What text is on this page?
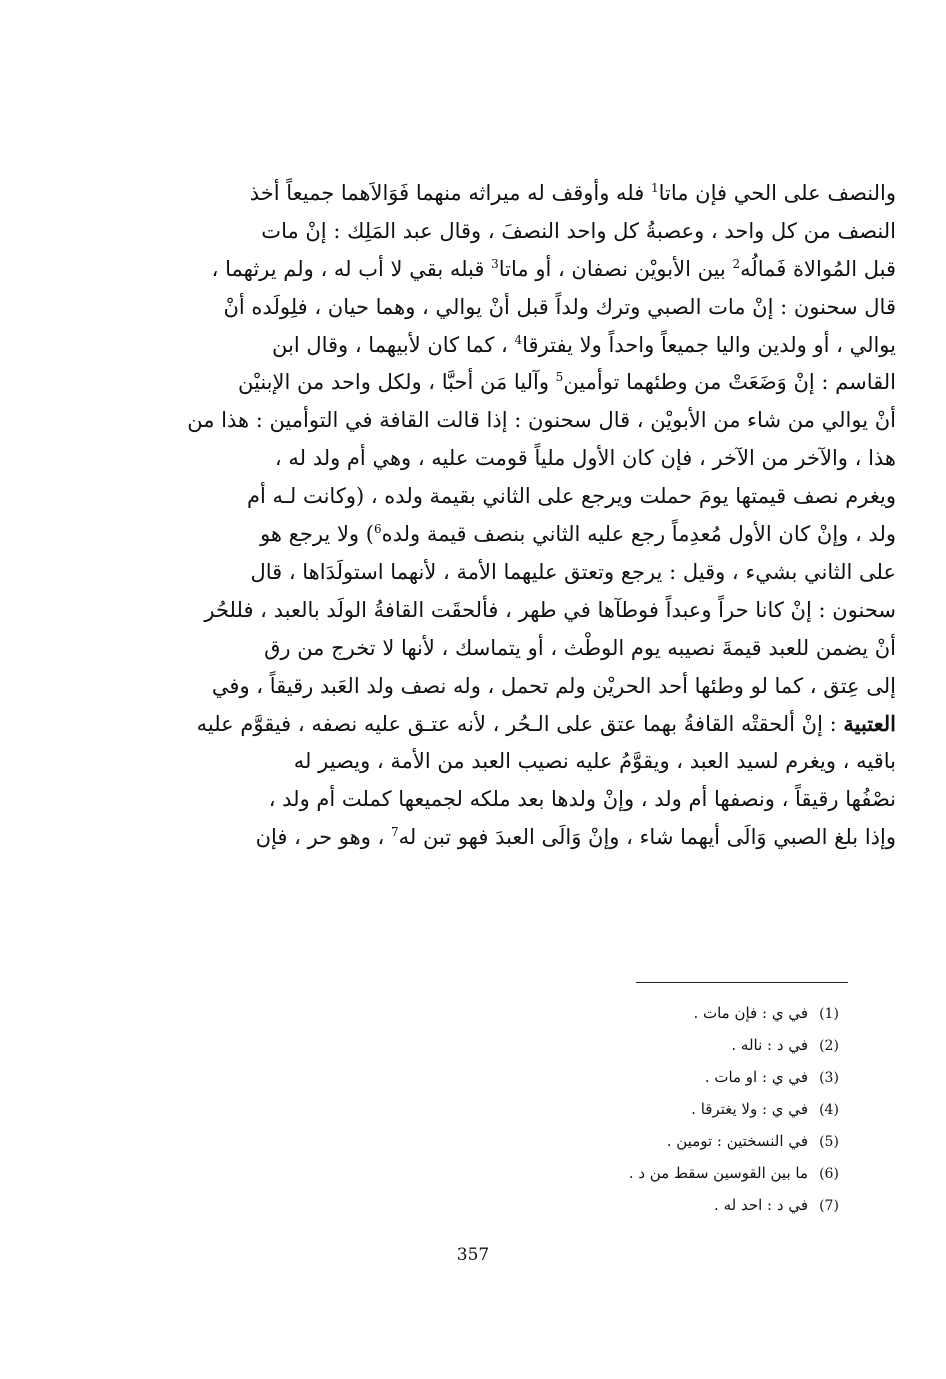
والنصف على الحي فإن ماتا$^1$ فله وأوقف له ميراثه منهما فَوَالاَهما جميعاً أخذ
النصف من كل واحد ، وعصبةُ كل واحد النصفَ ، وقال عبد المَلِك : إنْ مات
قبل المُوالاة فَمالُه$^2$ بين الأبويْن نصفان ، أو ماتا$^3$ قبله بقي لا أب له ، ولم يرثهما ،
قال سحنون : إنْ مات الصبي وترك ولداً قبل أنْ يوالي ، وهما حيان ، فلِولَده أنْ
يوالي ، أو ولدين واليا جميعاً واحداً ولا يفترقا$^4$ ، كما كان لأبيهما ، وقال ابن
القاسم : إنْ وَضَعَتْ من وطئهما توأمين$^5$ وآليا مَن أحبَّا ، ولكل واحد من الإبنيْن
أنْ يوالي من شاء من الأبويْن ، قال سحنون : إذا قالت القافة في التوأمين : هذا من
هذا ، والآخر من الآخر ، فإن كان الأول ملياً قومت عليه ، وهي أم ولد له ،
ويغرم نصف قيمتها يومَ حملت ويرجع على الثاني بقيمة ولده ، (وكانت لـه أم
ولد ، وإنْ كان الأول مُعدِماً رجع عليه الثاني بنصف قيمة ولده$^6$) ولا يرجع هو
على الثاني بشيء ، وقيل : يرجع وتعتق عليهما الأمة ، لأنهما استولَدَاها ، قال
سحنون : إنْ كانا حراً وعبداً فوطآها في طهر ، فألحقَت القافةُ الولَد بالعبد ، فللحُر
أنْ يضمن للعبد قيمةَ نصيبه يوم الوطْث ، أو يتماسك ، لأنها لا تخرج من رق
إلى عِتق ، كما لو وطئها أحد الحريْن ولم تحمل ، وله نصف ولد العَبد رقيقاً ، وفي
العتبية : إنْ ألحقتْه القافةُ بهما عتق على الـحُر ، لأنه عتـق عليه نصفه ، فيقوَّم عليه
باقيه ، ويغرم لسيد العبد ، ويقوَّمُ عليه نصيب العبد من الأمة ، ويصير له
نصْفُها رقيقاً ، ونصفها أم ولد ، وإنْ ولدها بعد ملكه لجميعها كملت أم ولد ،
وإذا بلغ الصبي وَالَى أيهما شاء ، وإنْ وَالَى العبدَ فهو تبن له$^7$ ، وهو حر ، فإن
(1)
في ي : فإن مات .
(2)
في د : ناله .
(3)
في ي : او مات .
(4)
في ي : ولا يغترقا .
(5)
في النسختين : تومين .
(6)
ما بين القوسين سقط من د .
(7)
في د : احد له .
357
